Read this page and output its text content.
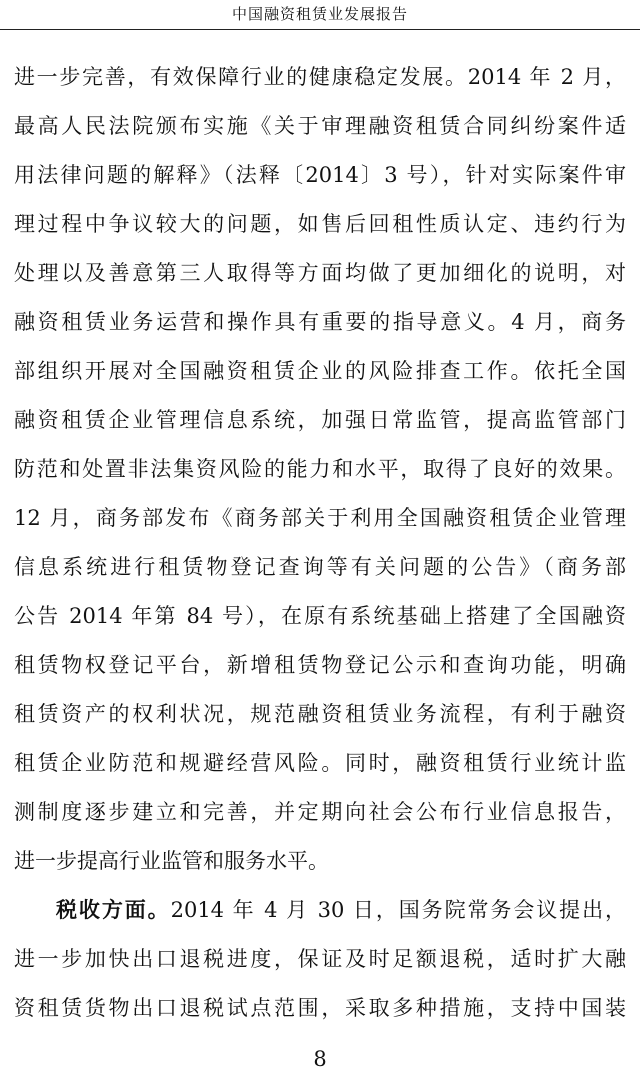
中国融资租赁业发展报告
进一步完善，有效保障行业的健康稳定发展。2014 年 2 月，
最高人民法院颁布实施《关于审理融资租赁合同纠纷案件适
用法律问题的解释》（法释〔2014〕3 号），针对实际案件审
理过程中争议较大的问题，如售后回租性质认定、违约行为
处理以及善意第三人取得等方面均做了更加细化的说明，对
融资租赁业务运营和操作具有重要的指导意义。4 月，商务
部组织开展对全国融资租赁企业的风险排查工作。依托全国
融资租赁企业管理信息系统，加强日常监管，提高监管部门
防范和处置非法集资风险的能力和水平，取得了良好的效果。
12 月，商务部发布《商务部关于利用全国融资租赁企业管理
信息系统进行租赁物登记查询等有关问题的公告》（商务部
公告 2014 年第 84 号），在原有系统基础上搭建了全国融资
租赁物权登记平台，新增租赁物登记公示和查询功能，明确
租赁资产的权利状况，规范融资租赁业务流程，有利于融资
租赁企业防范和规避经营风险。同时，融资租赁行业统计监
测制度逐步建立和完善，并定期向社会公布行业信息报告，
进一步提高行业监管和服务水平。
税收方面。2014 年 4 月 30 日，国务院常务会议提出，
进一步加快出口退税进度，保证及时足额退税，适时扩大融
资租赁货物出口退税试点范围，采取多种措施，支持中国装
8
